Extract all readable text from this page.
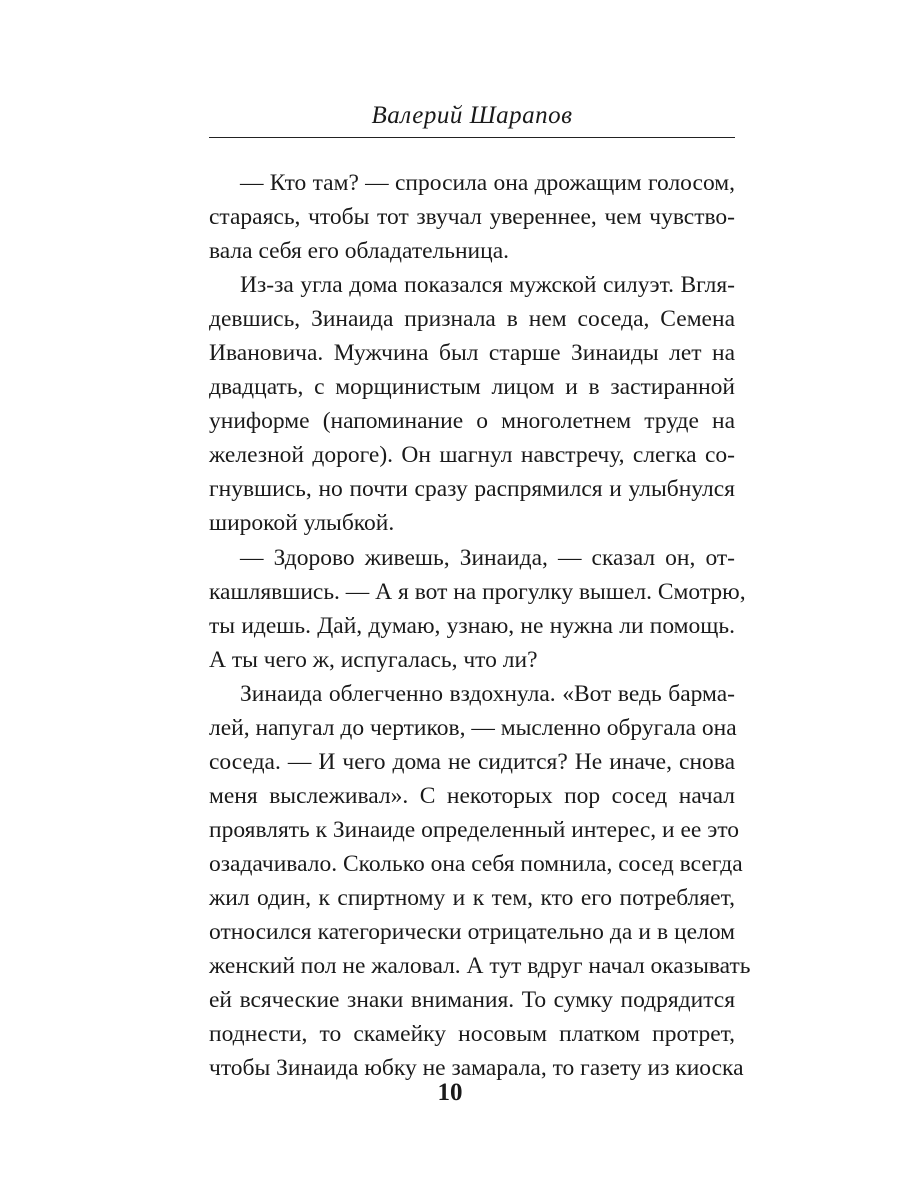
Валерий Шарапов
— Кто там? — спросила она дрожащим голосом,
стараясь, чтобы тот звучал увереннее, чем чувство-
вала себя его обладательница.
Из-за угла дома показался мужской силуэт. Вгля-
девшись, Зинаида признала в нем соседа, Семена
Ивановича. Мужчина был старше Зинаиды лет на
двадцать, с морщинистым лицом и в застиранной
униформе (напоминание о многолетнем труде на
железной дороге). Он шагнул навстречу, слегка со-
гнувшись, но почти сразу распрямился и улыбнулся
широкой улыбкой.
— Здорово живешь, Зинаида, — сказал он, от-
кашлявшись. — А я вот на прогулку вышел. Смотрю,
ты идешь. Дай, думаю, узнаю, не нужна ли помощь.
А ты чего ж, испугалась, что ли?
Зинаида облегченно вздохнула. «Вот ведь барма-
лей, напугал до чертиков, — мысленно обругала она
соседа. — И чего дома не сидится? Не иначе, снова
меня выслеживал». С некоторых пор сосед начал
проявлять к Зинаиде определенный интерес, и ее это
озадачивало. Сколько она себя помнила, сосед всегда
жил один, к спиртному и к тем, кто его потребляет,
относился категорически отрицательно да и в целом
женский пол не жаловал. А тут вдруг начал оказывать
ей всяческие знаки внимания. То сумку подрядится
поднести, то скамейку носовым платком протрет,
чтобы Зинаида юбку не замарала, то газету из киоска
10
